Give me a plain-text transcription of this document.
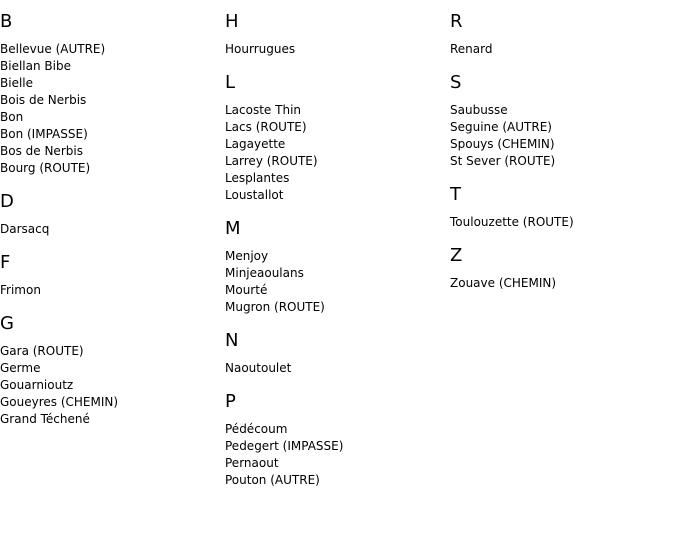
B
Bellevue (AUTRE)
Biellan Bibe
Bielle
Bois de Nerbis
Bon
Bon (IMPASSE)
Bos de Nerbis
Bourg (ROUTE)
D
Darsacq
F
Frimon
G
Gara (ROUTE)
Germe
Gouarnioutz
Goueyres (CHEMIN)
Grand Téchené
H
Hourrugues
L
Lacoste Thin
Lacs (ROUTE)
Lagayette
Larrey (ROUTE)
Lesplantes
Loustallot
M
Menjoy
Minjeaoulans
Mourté
Mugron (ROUTE)
N
Naoutoulet
P
Pédécoum
Pedegert (IMPASSE)
Pernaout
Pouton (AUTRE)
R
Renard
S
Saubusse
Seguine (AUTRE)
Spouys (CHEMIN)
St Sever (ROUTE)
T
Toulouzette (ROUTE)
Z
Zouave (CHEMIN)
